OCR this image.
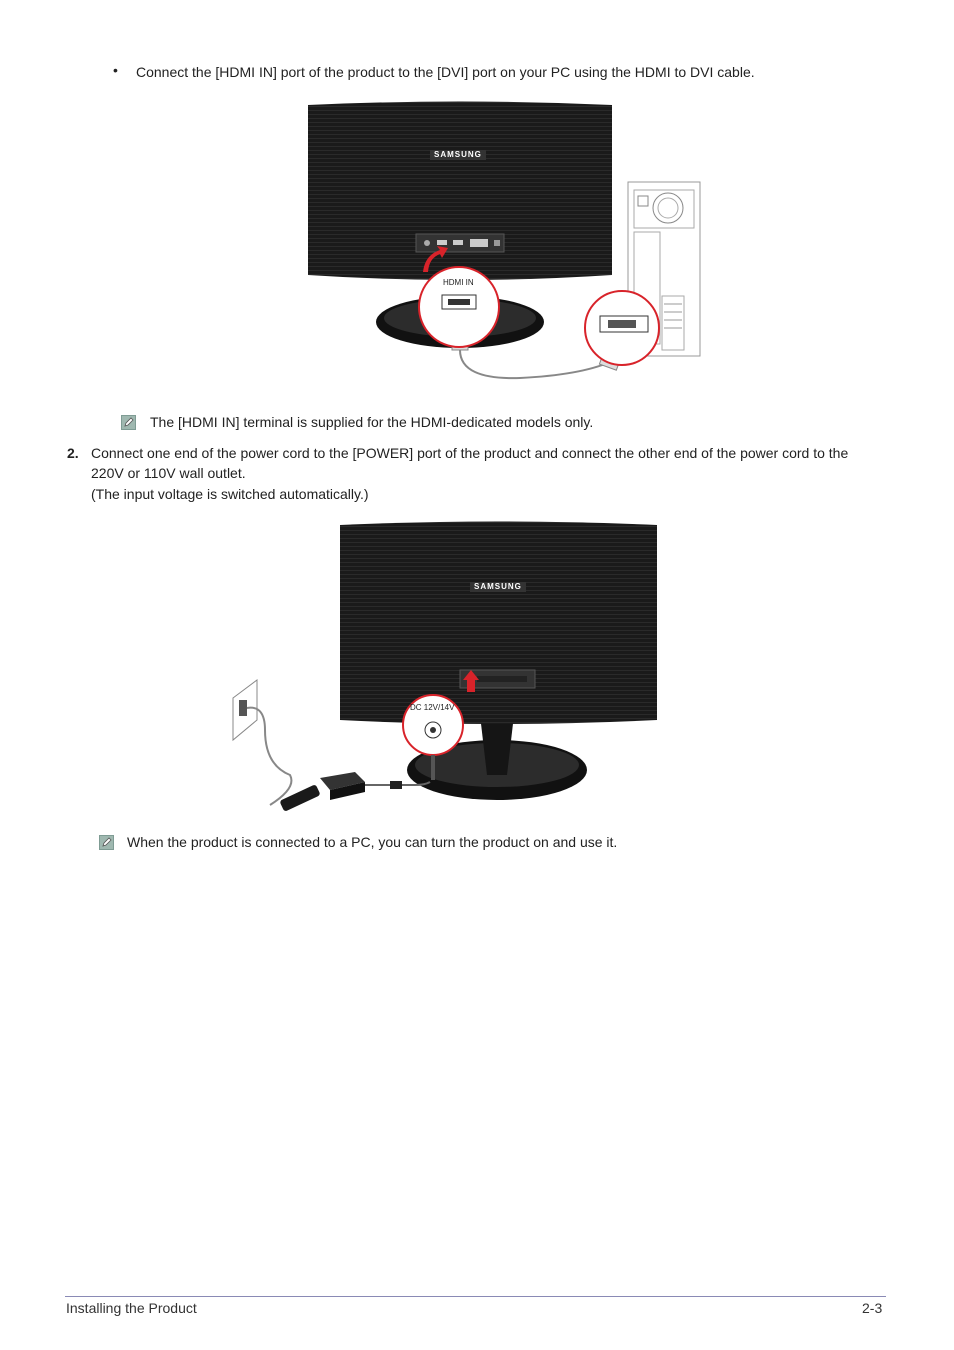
• Connect the [HDMI IN] port of the product to the [DVI] port on your PC using the HDMI to DVI cable.
SAMSUNG
HDMI IN
The [HDMI IN] terminal is supplied for the HDMI-dedicated models only.
2. Connect one end of the power cord to the [POWER] port of the product and connect the other end of the power cord to the
220V or 110V wall outlet.
(The input voltage is switched automatically.)
SAMSUNG
DC 12V/14V
When the product is connected to a PC, you can turn the product on and use it.
Installing the Product	2-3
